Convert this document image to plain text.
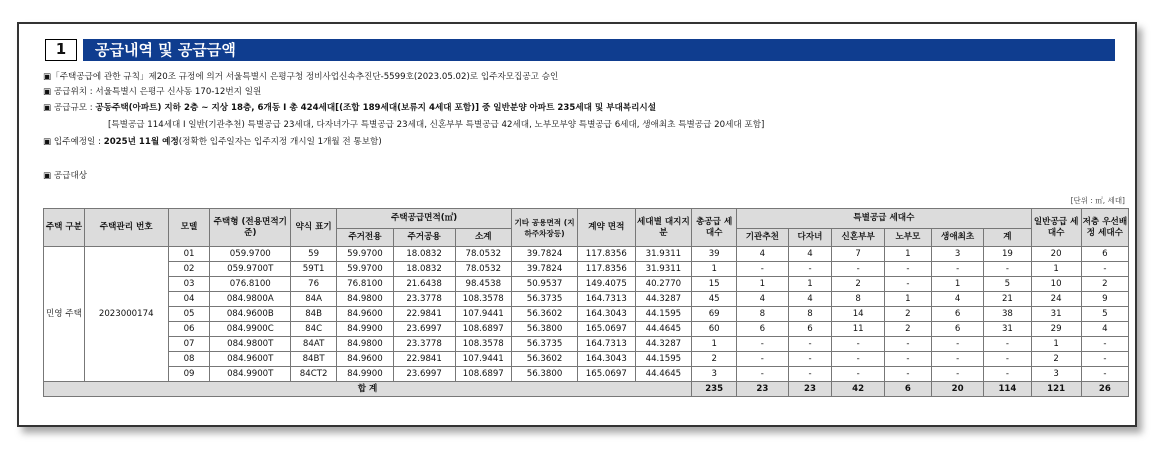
1	공급내역 및 공급금액
▣「주택공급에 관한 규칙」제20조 규정에 의거 서울특별시 은평구청 정비사업신속추진단-5599호(2023.05.02)로 입주자모집공고 승인
▣ 공급위치 : 서울특별시 은평구 신사동 170-12번지 일원
▣ 공급규모 : 공동주택(아파트) 지하 2층 ~ 지상 18층, 6개동 I 총 424세대[(조합 189세대(보류지 4세대 포함)] 중 일반분양 아파트 235세대 및 부대복리시설
[특별공급 114세대 I 일반(기관추천) 특별공급 23세대, 다자녀가구 특별공급 23세대, 신혼부부 특별공급 42세대, 노부모부양 특별공급 6세대, 생애최초 특별공급 20세대 포함]
▣ 입주예정일 : 2025년 11월 예정(정확한 입주일자는 입주지정 개시일 1개월 전 통보함)
▣ 공급대상
[단위 : ㎡, 세대]
주택 구분	주택관리 번호	모델	주택형 (전용면적기준)	약식 표기	주택공급면적(㎡)			기타 공용면적 (지하주차장등)	계약 면적	세대별 대지지분	총공급 세대수	특별공급 세대수						일반공급 세대수	저층 우선배정 세대수
					주거전용	주거공용	소계					기관추천	다자녀	신혼부부	노부모	생애최초	계		
민영 주택	2023000174	01	059.9700	59	59.9700	18.0832	78.0532	39.7824	117.8356	31.9311	39	4	4	7	1	3	19	20	6
		02	059.9700T	59T1	59.9700	18.0832	78.0532	39.7824	117.8356	31.9311	1	-	-	-	-	-	-	1	-
		03	076.8100	76	76.8100	21.6438	98.4538	50.9537	149.4075	40.2770	15	1	1	2	-	1	5	10	2
		04	084.9800A	84A	84.9800	23.3778	108.3578	56.3735	164.7313	44.3287	45	4	4	8	1	4	21	24	9
		05	084.9600B	84B	84.9600	22.9841	107.9441	56.3602	164.3043	44.1595	69	8	8	14	2	6	38	31	5
		06	084.9900C	84C	84.9900	23.6997	108.6897	56.3800	165.0697	44.4645	60	6	6	11	2	6	31	29	4
		07	084.9800T	84AT	84.9800	23.3778	108.3578	56.3735	164.7313	44.3287	1	-	-	-	-	-	-	1	-
		08	084.9600T	84BT	84.9600	22.9841	107.9441	56.3602	164.3043	44.1595	2	-	-	-	-	-	-	2	-
		09	084.9900T	84CT2	84.9900	23.6997	108.6897	56.3800	165.0697	44.4645	3	-	-	-	-	-	-	3	-
합 계											235	23	23	42	6	20	114	121	26
